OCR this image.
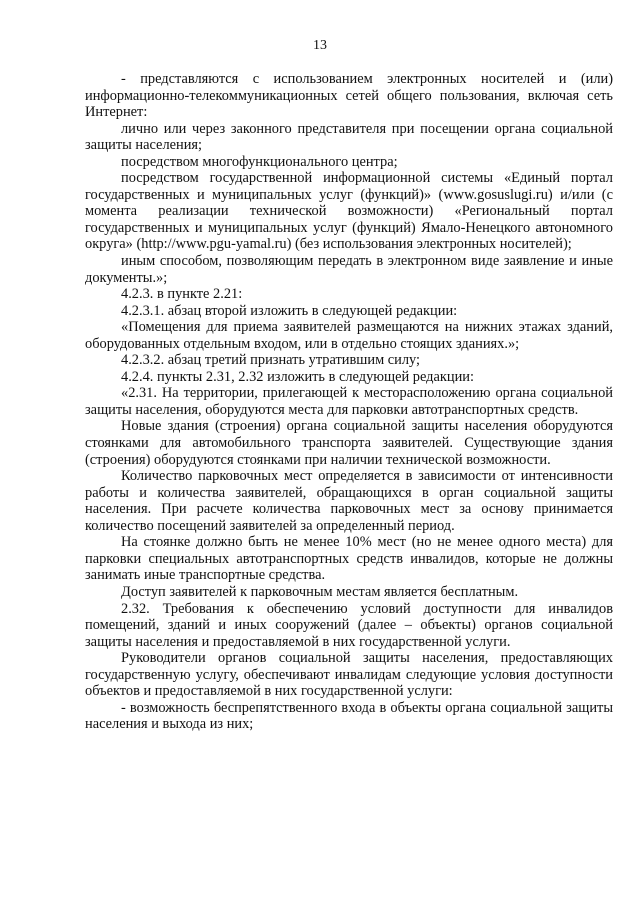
13

- представляются с использованием электронных носителей и (или) информационно-телекоммуникационных сетей общего пользования, включая сеть Интернет:

лично или через законного представителя при посещении органа социальной защиты населения;

посредством многофункционального центра;

посредством государственной информационной системы «Единый портал государственных и муниципальных услуг (функций)» (www.gosuslugi.ru) и/или (с момента реализации технической возможности) «Региональный портал государственных и муниципальных услуг (функций) Ямало-Ненецкого автономного округа» (http://www.pgu-yamal.ru) (без использования электронных носителей);

иным способом, позволяющим передать в электронном виде заявление и иные документы.»;

4.2.3. в пункте 2.21:

4.2.3.1. абзац второй изложить в следующей редакции:

«Помещения для приема заявителей размещаются на нижних этажах зданий, оборудованных отдельным входом, или в отдельно стоящих зданиях.»;

4.2.3.2. абзац третий признать утратившим силу;

4.2.4. пункты 2.31, 2.32 изложить в следующей редакции:

«2.31. На территории, прилегающей к месторасположению органа социальной защиты населения, оборудуются места для парковки автотранспортных средств.

Новые здания (строения) органа социальной защиты населения оборудуются стоянками для автомобильного транспорта заявителей. Существующие здания (строения) оборудуются стоянками при наличии технической возможности.

Количество парковочных мест определяется в зависимости от интенсивности работы и количества заявителей, обращающихся в орган социальной защиты населения. При расчете количества парковочных мест за основу принимается количество посещений заявителей за определенный период.

На стоянке должно быть не менее 10% мест (но не менее одного места) для парковки специальных автотранспортных средств инвалидов, которые не должны занимать иные транспортные средства.

Доступ заявителей к парковочным местам является бесплатным.

2.32. Требования к обеспечению условий доступности для инвалидов помещений, зданий и иных сооружений (далее – объекты) органов социальной защиты населения и предоставляемой в них государственной услуги.

Руководители органов социальной защиты населения, предоставляющих государственную услугу, обеспечивают инвалидам следующие условия доступности объектов и предоставляемой в них государственной услуги:

- возможность беспрепятственного входа в объекты органа социальной защиты населения и выхода из них;
